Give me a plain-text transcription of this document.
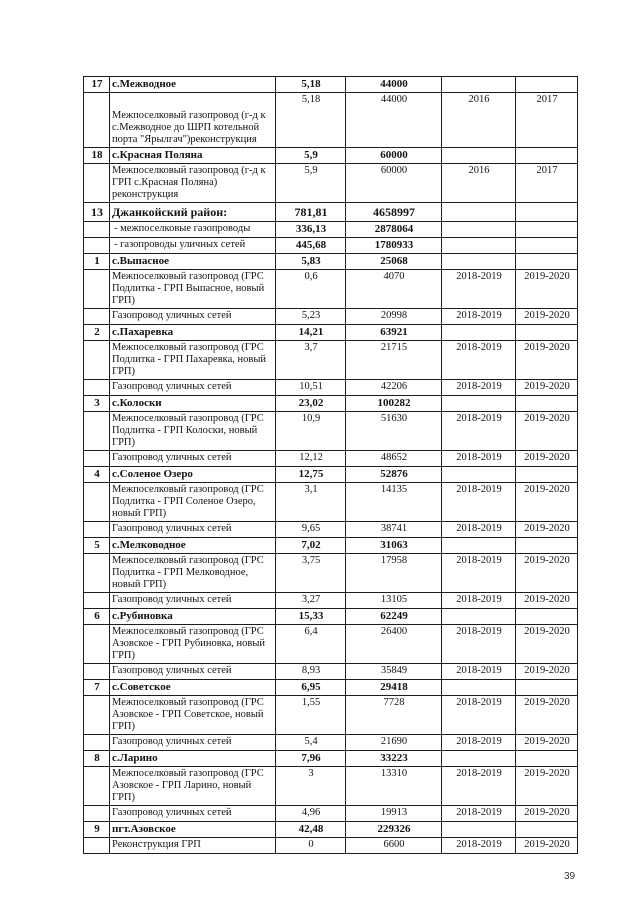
17	с.Межводное	5,18	44000		

	Межпоселковый газопровод (г-д к
с.Межводное до ШРП котельной
порта "Ярылгач")реконструкция	5,18	44000	2016	2017
18	с.Красная Поляна	5,9	60000		

	Межпоселковый газопровод (г-д к
ГРП с.Красная Поляна)
реконструкция	5,9	60000	2016	2017
13	Джанкойский район:	781,81	4658997		

	- межпоселковые газопроводы	336,13	2878064		

	- газопроводы уличных сетей	445,68	1780933		
1	с.Выпасное	5,83	25068		

	Межпоселковый газопровод (ГРС
Подлитка - ГРП Выпасное, новый
ГРП)	0,6	4070	2018-2019	2019-2020

	Газопровод уличных сетей	5,23	20998	2018-2019	2019-2020
2	с.Пахаревка	14,21	63921		

	Межпоселковый газопровод (ГРС
Подлитка - ГРП Пахаревка, новый
ГРП)	3,7	21715	2018-2019	2019-2020

	Газопровод уличных сетей	10,51	42206	2018-2019	2019-2020
3	с.Колоски	23,02	100282		

	Межпоселковый газопровод (ГРС
Подлитка - ГРП Колоски, новый
ГРП)	10,9	51630	2018-2019	2019-2020

	Газопровод уличных сетей	12,12	48652	2018-2019	2019-2020
4	с.Соленое Озеро	12,75	52876		

	Межпоселковый газопровод (ГРС
Подлитка - ГРП Соленое Озеро,
новый ГРП)	3,1	14135	2018-2019	2019-2020

	Газопровод уличных сетей	9,65	38741	2018-2019	2019-2020
5	с.Мелководное	7,02	31063		

	Межпоселковый газопровод (ГРС
Подлитка - ГРП Мелководное,
новый ГРП)	3,75	17958	2018-2019	2019-2020

	Газопровод уличных сетей	3,27	13105	2018-2019	2019-2020
6	с.Рубиновка	15,33	62249		

	Межпоселковый газопровод (ГРС
Азовское - ГРП Рубиновка, новый
ГРП)	6,4	26400	2018-2019	2019-2020

	Газопровод уличных сетей	8,93	35849	2018-2019	2019-2020
7	с.Советское	6,95	29418		

	Межпоселковый газопровод (ГРС
Азовское - ГРП Советское, новый
ГРП)	1,55	7728	2018-2019	2019-2020

	Газопровод уличных сетей	5,4	21690	2018-2019	2019-2020
8	с.Ларино	7,96	33223		

	Межпоселковый газопровод (ГРС
Азовское - ГРП Ларино, новый
ГРП)	3	13310	2018-2019	2019-2020

	Газопровод уличных сетей	4,96	19913	2018-2019	2019-2020
9	пгт.Азовское	42,48	229326		

	Реконструкция ГРП	0	6600	2018-2019	2019-2020
39
